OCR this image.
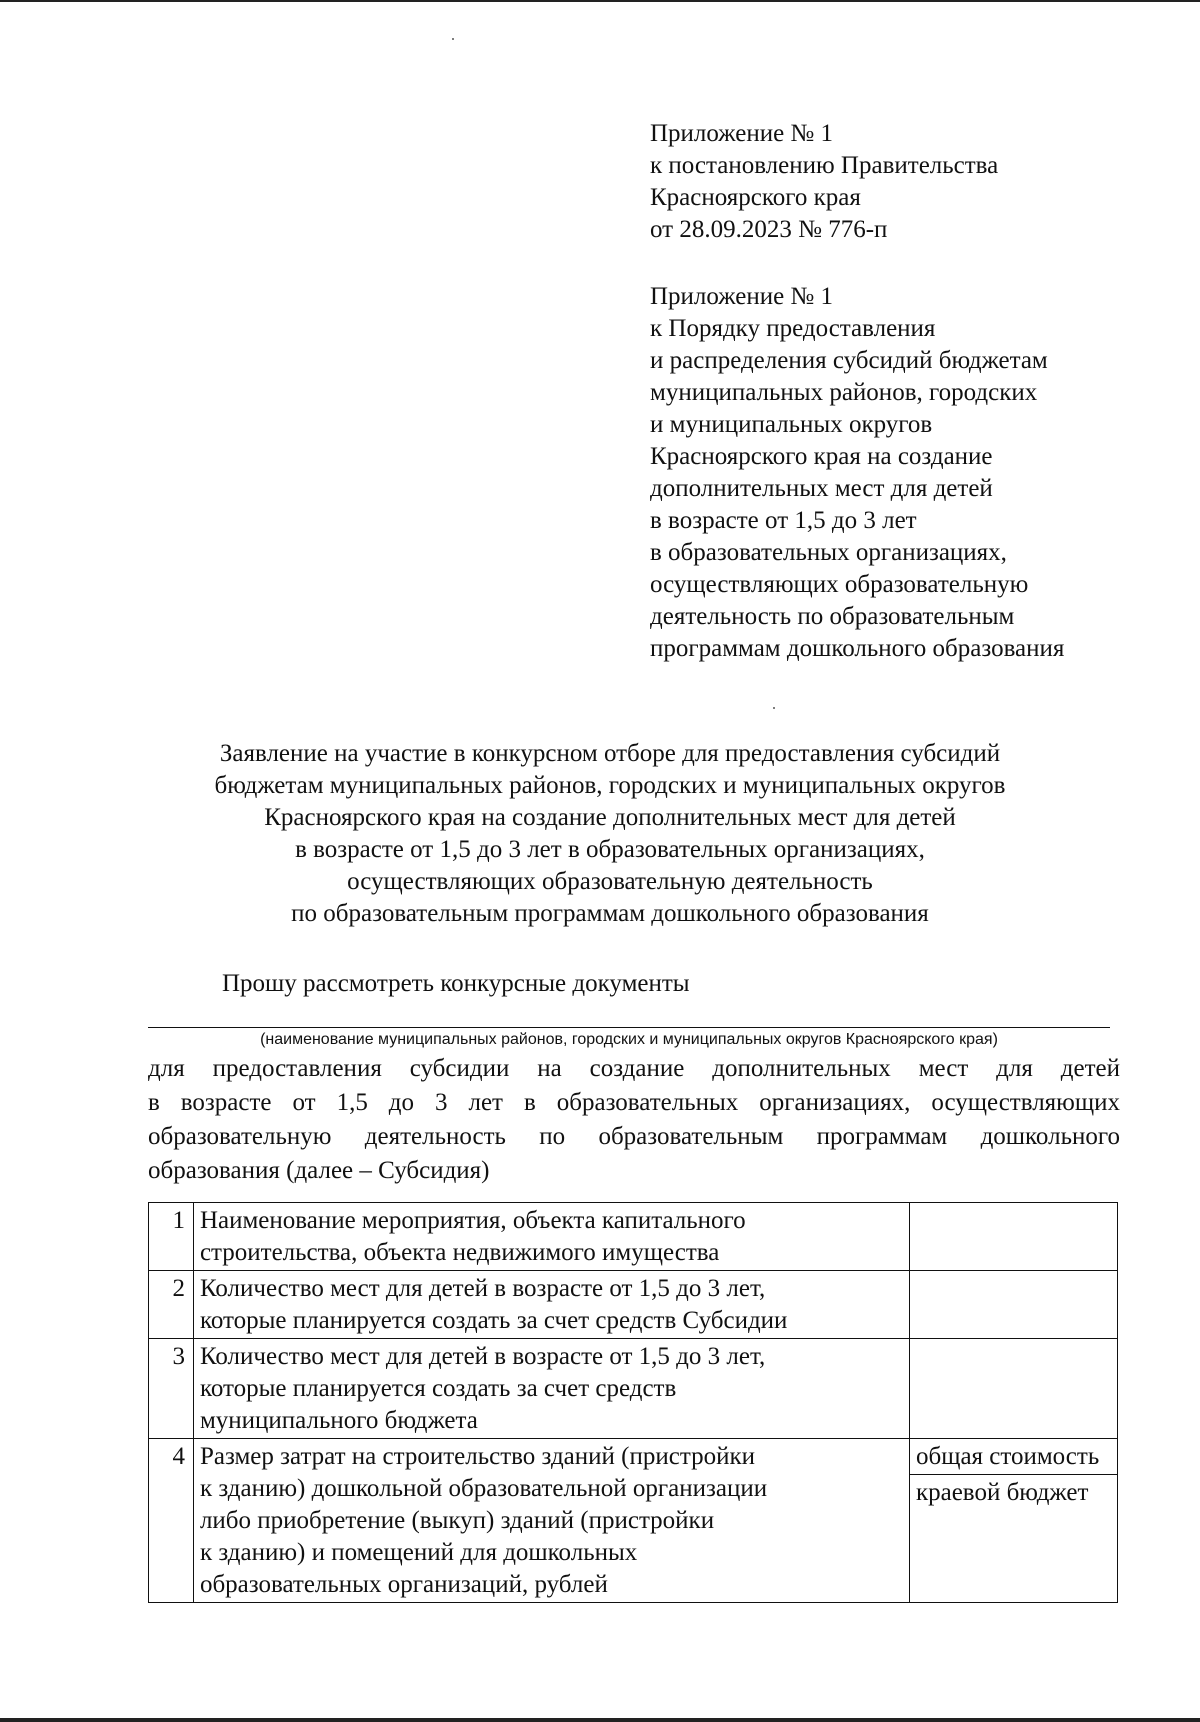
Приложение № 1
к постановлению Правительства
Красноярского края
от 28.09.2023 № 776-п
Приложение № 1
к Порядку предоставления
и распределения субсидий бюджетам
муниципальных районов, городских
и муниципальных округов
Красноярского края на создание
дополнительных мест для детей
в возрасте от 1,5 до 3 лет
в образовательных организациях,
осуществляющих образовательную
деятельность по образовательным
программам дошкольного образования
Заявление на участие в конкурсном отборе для предоставления субсидий
бюджетам муниципальных районов, городских и муниципальных округов
Красноярского края на создание дополнительных мест для детей
в возрасте от 1,5 до 3 лет в образовательных организациях,
осуществляющих образовательную деятельность
по образовательным программам дошкольного образования
Прошу рассмотреть конкурсные документы
(наименование муниципальных районов, городских и муниципальных округов Красноярского края)
для предоставления субсидии на создание дополнительных мест для детей
в возрасте от 1,5 до 3 лет в образовательных организациях, осуществляющих
образовательную деятельность по образовательным программам дошкольного
образования (далее – Субсидия)
1	Наименование мероприятия, объекта капитального
строительства, объекта недвижимого имущества	

2	Количество мест для детей в возрасте от 1,5 до 3 лет,
которые планируется создать за счет средств Субсидии	

3	Количество мест для детей в возрасте от 1,5 до 3 лет,
которые планируется создать за счет средств
муниципального бюджета	

4	Размер затрат на строительство зданий (пристройки
к зданию) дошкольной образовательной организации
либо приобретение (выкуп) зданий (пристройки
к зданию) и помещений для дошкольных
образовательных организаций, рублей	общая стоимость
краевой бюджет
